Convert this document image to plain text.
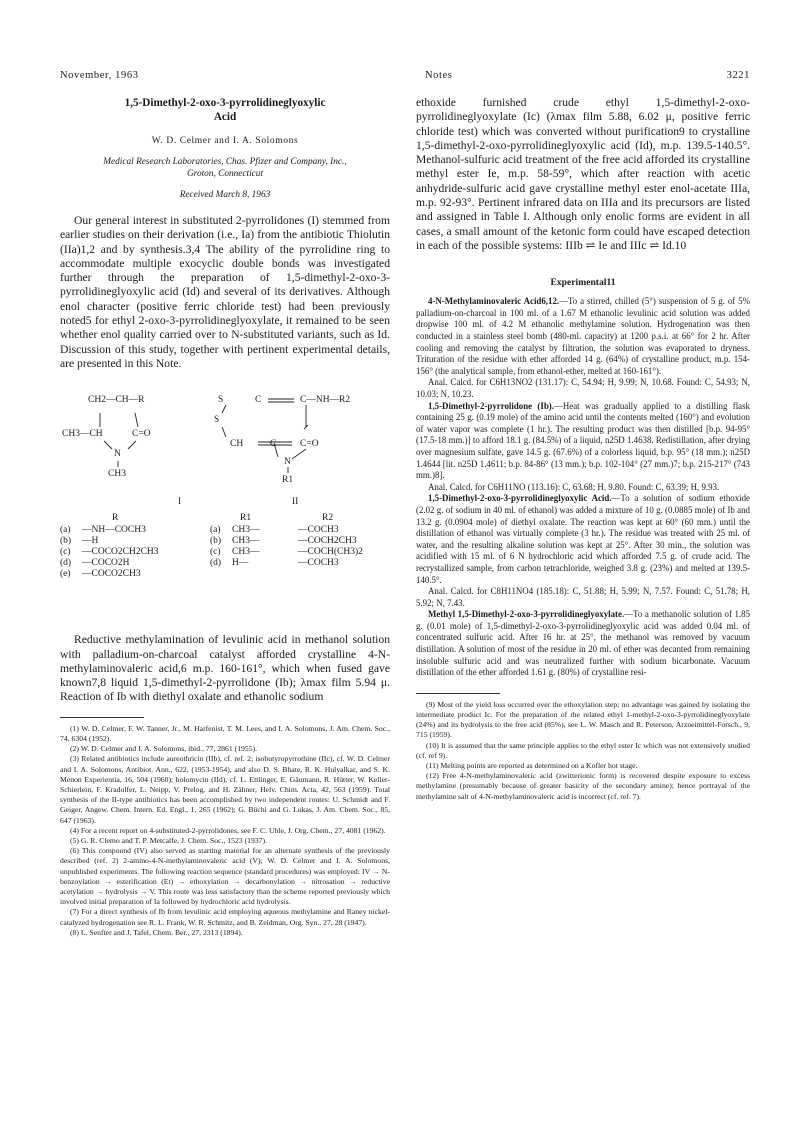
November, 1963	Notes	3221
1,5-Dimethyl-2-oxo-3-pyrrolidineglyoxylic
Acid
W. D. Celmer and I. A. Solomons
Medical Research Laboratories, Chas. Pfizer and Company, Inc.,
Groton, Connecticut
Received March 8, 1963

Our general interest in substituted 2-pyrrolidones (I) stemmed from earlier studies on their derivation (i.e., Ia) from the antibiotic Thiolutin (IIa)1,2 and by synthesis.3,4 The ability of the pyrrolidine ring to accommodate multiple exocyclic double bonds was investigated further through the preparation of 1,5-dimethyl-2-oxo-3-pyrrolidineglyoxylic acid (Id) and several of its derivatives. Although enol character (positive ferric chloride test) had been previously noted5 for ethyl 2-oxo-3-pyrrolidineglyoxylate, it remained to be seen whether enol quality carried over to N-substituted variants, such as Id. Discussion of this study, together with pertinent experimental details, are presented in this Note.

CH2—CH—R
CH3—CH	C=O
N
CH3
S	C	C—NH—R2
S
CH	C C=O
N
R1
I	II
R
(a) —NH—COCH3
(b) —H
(c) —COCO2CH2CH3
(d) —COCO2H
(e) —COCO2CH3
R1	R2
(a) CH3—	—COCH3
(b) CH3—	—COCH2CH3
(c) CH3—	—COCH(CH3)2
(d) H—	—COCH3

Reductive methylamination of levulinic acid in methanol solution with palladium-on-charcoal catalyst afforded crystalline 4-N-methylaminovaleric acid,6 m.p. 160-161°, which when fused gave known7,8 liquid 1,5-dimethyl-2-pyrrolidone (Ib); λmax film 5.94 μ. Reaction of Ib with diethyl oxalate and ethanolic sodium

(1) W. D. Celmer, F. W. Tanner, Jr., M. Harfenist, T. M. Lees, and I. A. Solomons, J. Am. Chem. Soc., 74, 6304 (1952).

(2) W. D. Celmer and I. A. Solomons, ibid., 77, 2861 (1955).

(3) Related antibiotics include aureothricin (IIb), cf. ref. 2; isobutyropyrrothine (IIc), cf. W. D. Celmer and I. A. Solomons, Antibiot. Ann., 622, (1953-1954), and also D. S. Bhate, R. K. Hulyalkar, and S. K. Menon Experientia, 16, 504 (1960); holomycin (IId), cf. L. Ettlinger, E. Gäumann, R. Hütter, W. Keller-Schierlein, F. Kradolfer, L. Neipp, V. Prelog, and H. Zähner, Helv. Chim. Acta, 42, 563 (1959). Total synthesis of the II-type antibiotics has been accomplished by two independent routes: U. Schmidt and F. Geiger, Angew. Chem. Intern. Ed. Engl., 1, 265 (1962); G. Büchi and G. Lukas, J. Am. Chem. Soc., 85, 647 (1963).

(4) For a recent report on 4-substituted-2-pyrrolidones, see F. C. Uhle, J. Org. Chem., 27, 4081 (1962).

(5) G. R. Clemo and T. P. Metcalfe, J. Chem. Soc., 1523 (1937).

(6) This compound (IV) also served as starting material for an alternate synthesis of the previously described (ref. 2) 2-amino-4-N-methylaminovaleric acid (V); W. D. Celmer and I. A. Solomons, unpublished experiments. The following reaction sequence (standard procedures) was employed: IV → N-benzoylation → esterification (Et) → ethoxylation → decarbonylation → nitrosation → reductive acetylation → hydrolysis → V. This route was less satisfactory than the scheme reported previously which involved initial preparation of Ia followed by hydrochloric acid hydrolysis.

(7) For a direct synthesis of Ib from levulinic acid employing aqueous methylamine and Raney nickel-catalyzed hydrogenation see R. L. Frank, W. R. Schmitz, and B. Zeidman, Org. Syn., 27, 28 (1947).

(8) L. Senfter and J. Tafel, Chem. Ber., 27, 2313 (1894).

ethoxide furnished crude ethyl 1,5-dimethyl-2-oxo-pyrrolidineglyoxylate (Ic) (λmax film 5.88, 6.02 μ, positive ferric chloride test) which was converted without purification9 to crystalline 1,5-dimethyl-2-oxo-pyrrolidineglyoxylic acid (Id), m.p. 139.5-140.5°. Methanol-sulfuric acid treatment of the free acid afforded its crystalline methyl ester Ie, m.p. 58-59°, which after reaction with acetic anhydride-sulfuric acid gave crystalline methyl ester enol-acetate IIIa, m.p. 92-93°. Pertinent infrared data on IIIa and its precursors are listed and assigned in Table I. Although only enolic forms are evident in all cases, a small amount of the ketonic form could have escaped detection in each of the possible systems: IIIb ⇌ Ie and IIIc ⇌ Id.10

Experimental11

4-N-Methylaminovaleric Acid6,12.—To a stirred, chilled (5°) suspension of 5 g. of 5% palladium-on-charcoal in 100 ml. of a 1.67 M ethanolic levulinic acid solution was added dropwise 100 ml. of 4.2 M ethanolic methylamine solution. Hydrogenation was then conducted in a stainless steel bomb (480-ml. capacity) at 1200 p.s.i. at 66° for 2 hr. After cooling and removing the catalyst by filtration, the solution was evaporated to dryness. Trituration of the residue with ether afforded 14 g. (64%) of crystalline product, m.p. 154-156° (the analytical sample, from ethanol-ether, melted at 160-161°).

Anal. Calcd. for C6H13NO2 (131.17): C, 54.94; H, 9.99; N, 10.68. Found: C, 54.93; N, 10.03; N, 10.23.

1,5-Dimethyl-2-pyrrolidone (Ib).—Heat was gradually applied to a distilling flask containing 25 g. (0.19 mole) of the amino acid until the contents melted (160°) and evolution of water vapor was complete (1 hr.). The resulting product was then distilled [b.p. 94-95° (17.5-18 mm.)] to afford 18.1 g. (84.5%) of a liquid, n25D 1.4638. Redistillation, after drying over magnesium sulfate, gave 14.5 g. (67.6%) of a colorless liquid, b.p. 95° (18 mm.); n25D 1.4644 [lit. n25D 1.4611; b.p. 84-86° (13 mm.); b.p. 102-104° (27 mm.)7; b.p. 215-217° (743 mm.)8].

Anal. Calcd. for C6H11NO (113.16): C, 63.68; H, 9.80. Found: C, 63.39; H, 9.93.

1,5-Dimethyl-2-oxo-3-pyrrolidineglyoxylic Acid.—To a solution of sodium ethoxide (2.02 g. of sodium in 40 ml. of ethanol) was added a mixture of 10 g. (0.0885 mole) of Ib and 13.2 g. (0.0904 mole) of diethyl oxalate. The reaction was kept at 60° (60 mm.) until the distillation of ethanol was virtually complete (3 hr.). The residue was treated with 25 ml. of water, and the resulting alkaline solution was kept at 25°. After 30 min., the solution was acidified with 15 ml. of 6 N hydrochloric acid which afforded 7.5 g. of crude acid. The recrystallized sample, from carbon tetrachloride, weighed 3.8 g. (23%) and melted at 139.5-140.5°.

Anal. Calcd. for C8H11NO4 (185.18): C, 51.88; H, 5.99; N, 7.57. Found: C, 51.78; H, 5.92; N, 7.43.

Methyl 1,5-Dimethyl-2-oxo-3-pyrrolidineglyoxylate.—To a methanolic solution of 1.85 g. (0.01 mole) of 1,5-dimethyl-2-oxo-3-pyrrolidineglyoxylic acid was added 0.04 ml. of concentrated sulfuric acid. After 16 hr. at 25°, the methanol was removed by vacuum distillation. A solution of most of the residue in 20 ml. of ether was decanted from remaining insoluble sulfuric acid and was neutralized further with sodium bicarbonate. Vacuum distillation of the ether afforded 1.61 g. (80%) of crystalline resi-

(9) Most of the yield loss occurred over the ethoxylation step; no advantage was gained by isolating the intermediate product Ic. For the preparation of the related ethyl 1-methyl-2-oxo-3-pyrrolidineglyoxylate (24%) and its hydrolysis to the free acid (85%), see L. W. Masch and R. Peterson, Arzneimittel-Forsch., 9, 715 (1959).

(10) It is assumed that the same principle applies to the ethyl ester Ic which was not extensively studied (cf. ref 9).

(11) Melting points are reported as determined on a Kofler hot stage.

(12) Free 4-N-methylaminovaleric acid (zwitterionic form) is recovered despite exposure to excess methylamine (presumably because of greater basicity of the secondary amine); hence portrayal of the methylamine salt of 4-N-methylaminovaleric acid is incorrect (cf. ref. 7).
